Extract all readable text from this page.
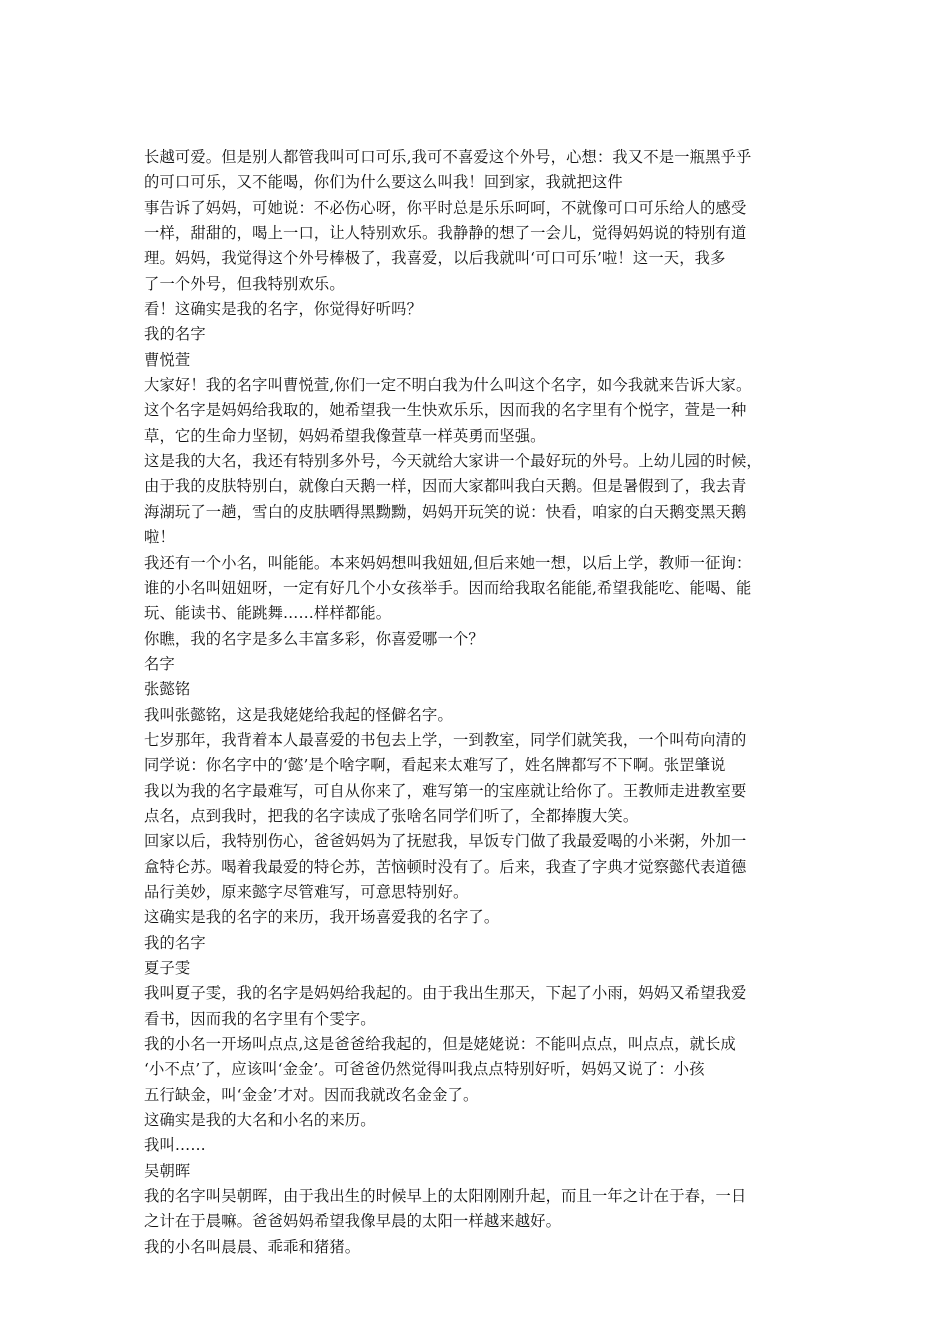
长越可爱。但是别人都管我叫可口可乐,我可不喜爱这个外号，心想：我又不是一瓶黑乎乎
的可口可乐，又不能喝，你们为什么要这么叫我！回到家，我就把这件
事告诉了妈妈，可她说：不必伤心呀，你平时总是乐乐呵呵，不就像可口可乐给人的感受
一样，甜甜的，喝上一口，让人特别欢乐。我静静的想了一会儿，觉得妈妈说的特别有道
理。妈妈，我觉得这个外号棒极了，我喜爱，以后我就叫‘可口可乐’啦！这一天，我多
了一个外号，但我特别欢乐。
看！这确实是我的名字，你觉得好听吗？
我的名字
曹悦萱
大家好！我的名字叫曹悦萱,你们一定不明白我为什么叫这个名字，如今我就来告诉大家。
这个名字是妈妈给我取的，她希望我一生快欢乐乐，因而我的名字里有个悦字，萱是一种
草，它的生命力坚韧，妈妈希望我像萱草一样英勇而坚强。
这是我的大名，我还有特别多外号，今天就给大家讲一个最好玩的外号。上幼儿园的时候，
由于我的皮肤特别白，就像白天鹅一样，因而大家都叫我白天鹅。但是暑假到了，我去青
海湖玩了一趟，雪白的皮肤晒得黑黝黝，妈妈开玩笑的说：快看，咱家的白天鹅变黑天鹅
啦！
我还有一个小名，叫能能。本来妈妈想叫我妞妞,但后来她一想，以后上学，教师一征询：
谁的小名叫妞妞呀，一定有好几个小女孩举手。因而给我取名能能,希望我能吃、能喝、能
玩、能读书、能跳舞……样样都能。
你瞧，我的名字是多么丰富多彩，你喜爱哪一个？
名字
张懿铭
我叫张懿铭，这是我姥姥给我起的怪僻名字。
七岁那年，我背着本人最喜爱的书包去上学，一到教室，同学们就笑我，一个叫苟向清的
同学说：你名字中的‘懿’是个啥字啊，看起来太难写了，姓名牌都写不下啊。张罡肇说
我以为我的名字最难写，可自从你来了，难写第一的宝座就让给你了。王教师走进教室要
点名，点到我时，把我的名字读成了张啥名同学们听了，全都捧腹大笑。
回家以后，我特别伤心，爸爸妈妈为了抚慰我，早饭专门做了我最爱喝的小米粥，外加一
盒特仑苏。喝着我最爱的特仑苏，苦恼顿时没有了。后来，我查了字典才觉察懿代表道德
品行美妙，原来懿字尽管难写，可意思特别好。
这确实是我的名字的来历，我开场喜爱我的名字了。
我的名字
夏子雯
我叫夏子雯，我的名字是妈妈给我起的。由于我出生那天，下起了小雨，妈妈又希望我爱
看书，因而我的名字里有个雯字。
我的小名一开场叫点点,这是爸爸给我起的，但是姥姥说：不能叫点点，叫点点，就长成
‘小不点’了，应该叫‘金金’。可爸爸仍然觉得叫我点点特别好听，妈妈又说了：小孩
五行缺金，叫‘金金’才对。因而我就改名金金了。
这确实是我的大名和小名的来历。
我叫……
吴朝晖
我的名字叫吴朝晖，由于我出生的时候早上的太阳刚刚升起，而且一年之计在于春，一日
之计在于晨嘛。爸爸妈妈希望我像早晨的太阳一样越来越好。
我的小名叫晨晨、乖乖和猪猪。
